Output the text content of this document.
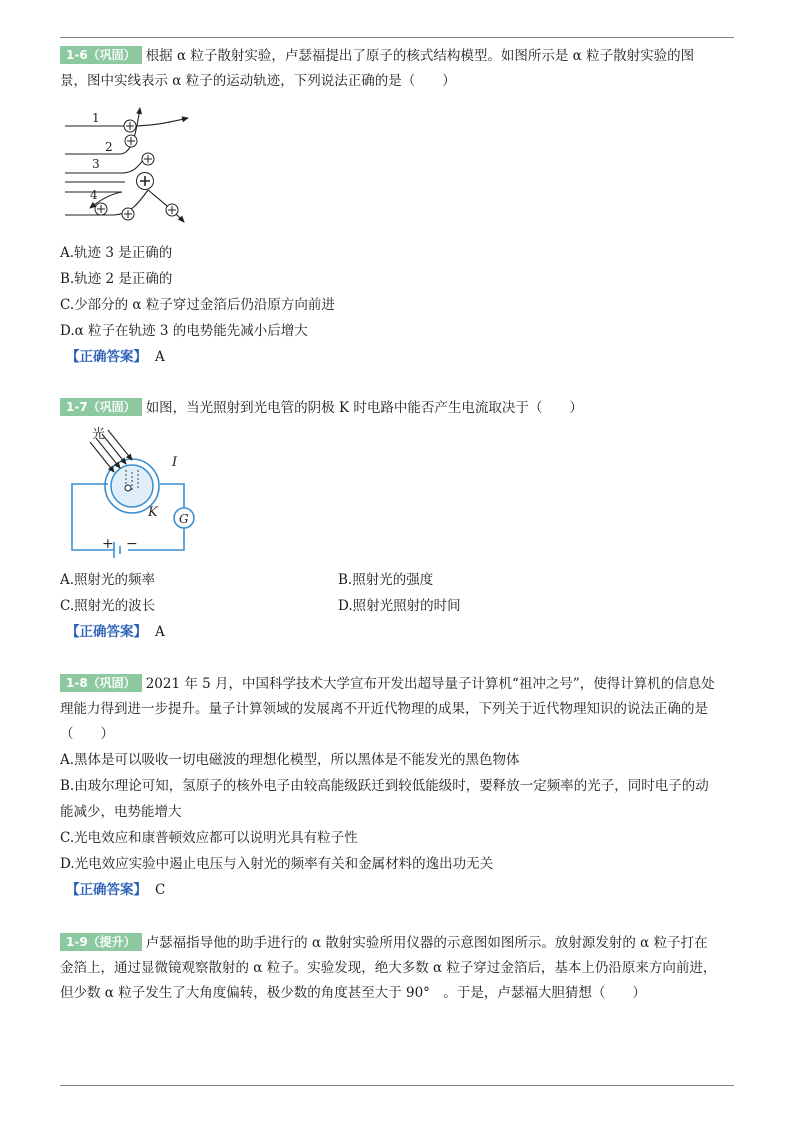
1-6（巩固） 根据 α 粒子散射实验，卢瑟福提出了原子的核式结构模型。如图所示是 α 粒子散射实验的图
景，图中实线表示 α 粒子的运动轨迹，下列说法正确的是（　　）
1
2
3
4
A.轨迹 3 是正确的
B.轨迹 2 是正确的
C.少部分的 α 粒子穿过金箔后仍沿原方向前进
D.α 粒子在轨迹 3 的电势能先减小后增大
【正确答案】 A
1-7（巩固） 如图，当光照射到光电管的阴极 K 时电路中能否产生电流取决于（　　）
光
I
K G
+ −
A.照射光的频率	B.照射光的强度
C.照射光的波长	D.照射光照射的时间
【正确答案】 A
1-8（巩固） 2021 年 5 月，中国科学技术大学宣布开发出超导量子计算机“祖冲之号”，使得计算机的信息处
理能力得到进一步提升。量子计算领域的发展离不开近代物理的成果，下列关于近代物理知识的说法正确的是
（　　）
A.黑体是可以吸收一切电磁波的理想化模型，所以黑体是不能发光的黑色物体
B.由玻尔理论可知，氢原子的核外电子由较高能级跃迁到较低能级时，要释放一定频率的光子，同时电子的动
能减少，电势能增大
C.光电效应和康普顿效应都可以说明光具有粒子性
D.光电效应实验中遏止电压与入射光的频率有关和金属材料的逸出功无关
【正确答案】 C
1-9（提升） 卢瑟福指导他的助手进行的 α 散射实验所用仪器的示意图如图所示。放射源发射的 α 粒子打在
金箔上，通过显微镜观察散射的 α 粒子。实验发现，绝大多数 α 粒子穿过金箔后，基本上仍沿原来方向前进，
但少数 α 粒子发生了大角度偏转，极少数的角度甚至大于 90°　。于是，卢瑟福大胆猜想（　　）
